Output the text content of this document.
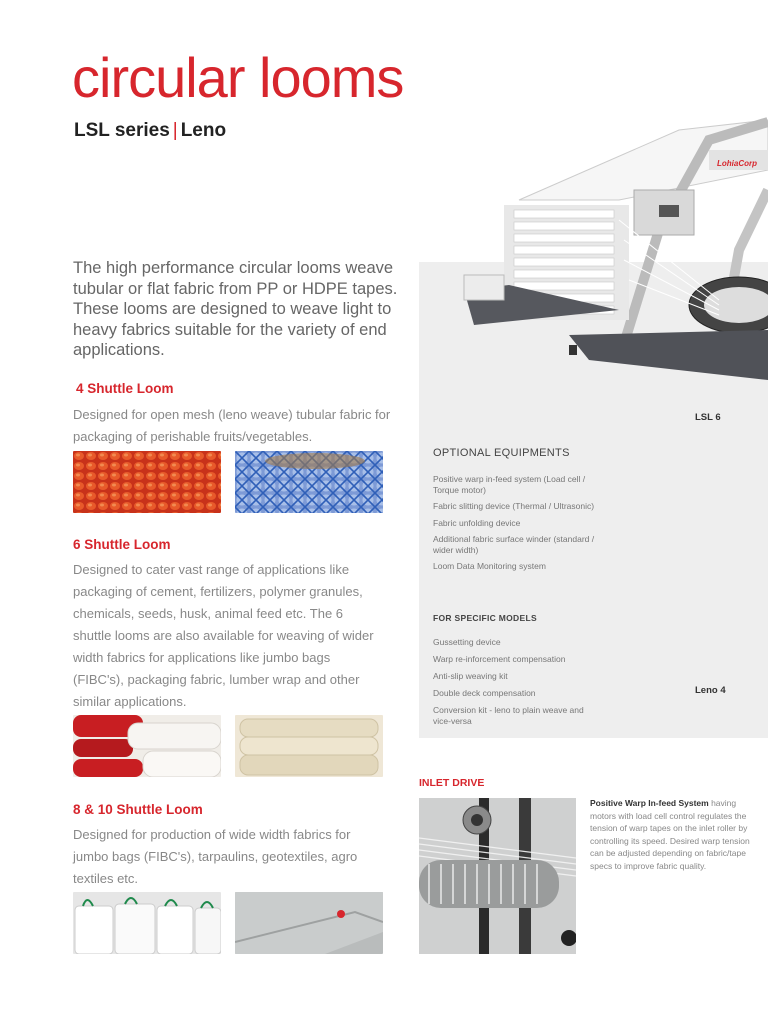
circular looms
LSL series | Leno
LohiaCorp
LSL 6
Leno 4
The high performance circular looms weave tubular or flat fabric from PP or HDPE tapes. These looms are designed to weave light to heavy fabrics suitable for the variety of end applications.
4 Shuttle Loom
Designed for open mesh (leno weave) tubular fabric for packaging of perishable fruits/vegetables.
6 Shuttle Loom
Designed to cater vast range of applications like packaging of cement, fertilizers, polymer granules, chemicals, seeds, husk, animal feed etc. The 6 shuttle looms are also available for weaving of wider width fabrics for applications like jumbo bags (FIBC's), packaging fabric, lumber wrap and other similar applications.
8 & 10 Shuttle Loom
Designed for production of wide width fabrics for jumbo bags (FIBC's), tarpaulins, geotextiles, agro textiles etc.
OPTIONAL EQUIPMENTS
Positive warp in-feed system (Load cell / Torque motor)
Fabric slitting device (Thermal / Ultrasonic)
Fabric unfolding device
Additional fabric surface winder (standard / wider width)
Loom Data Monitoring system
FOR SPECIFIC MODELS
Gussetting device
Warp re-inforcement compensation
Anti-slip weaving kit
Double deck compensation
Conversion kit - leno to plain weave and vice-versa
INLET DRIVE
Positive Warp In-feed System having motors with load cell control regulates the tension of warp tapes on the inlet roller by controlling its speed. Desired warp tension can be adjusted depending on fabric/tape specs to improve fabric quality.
